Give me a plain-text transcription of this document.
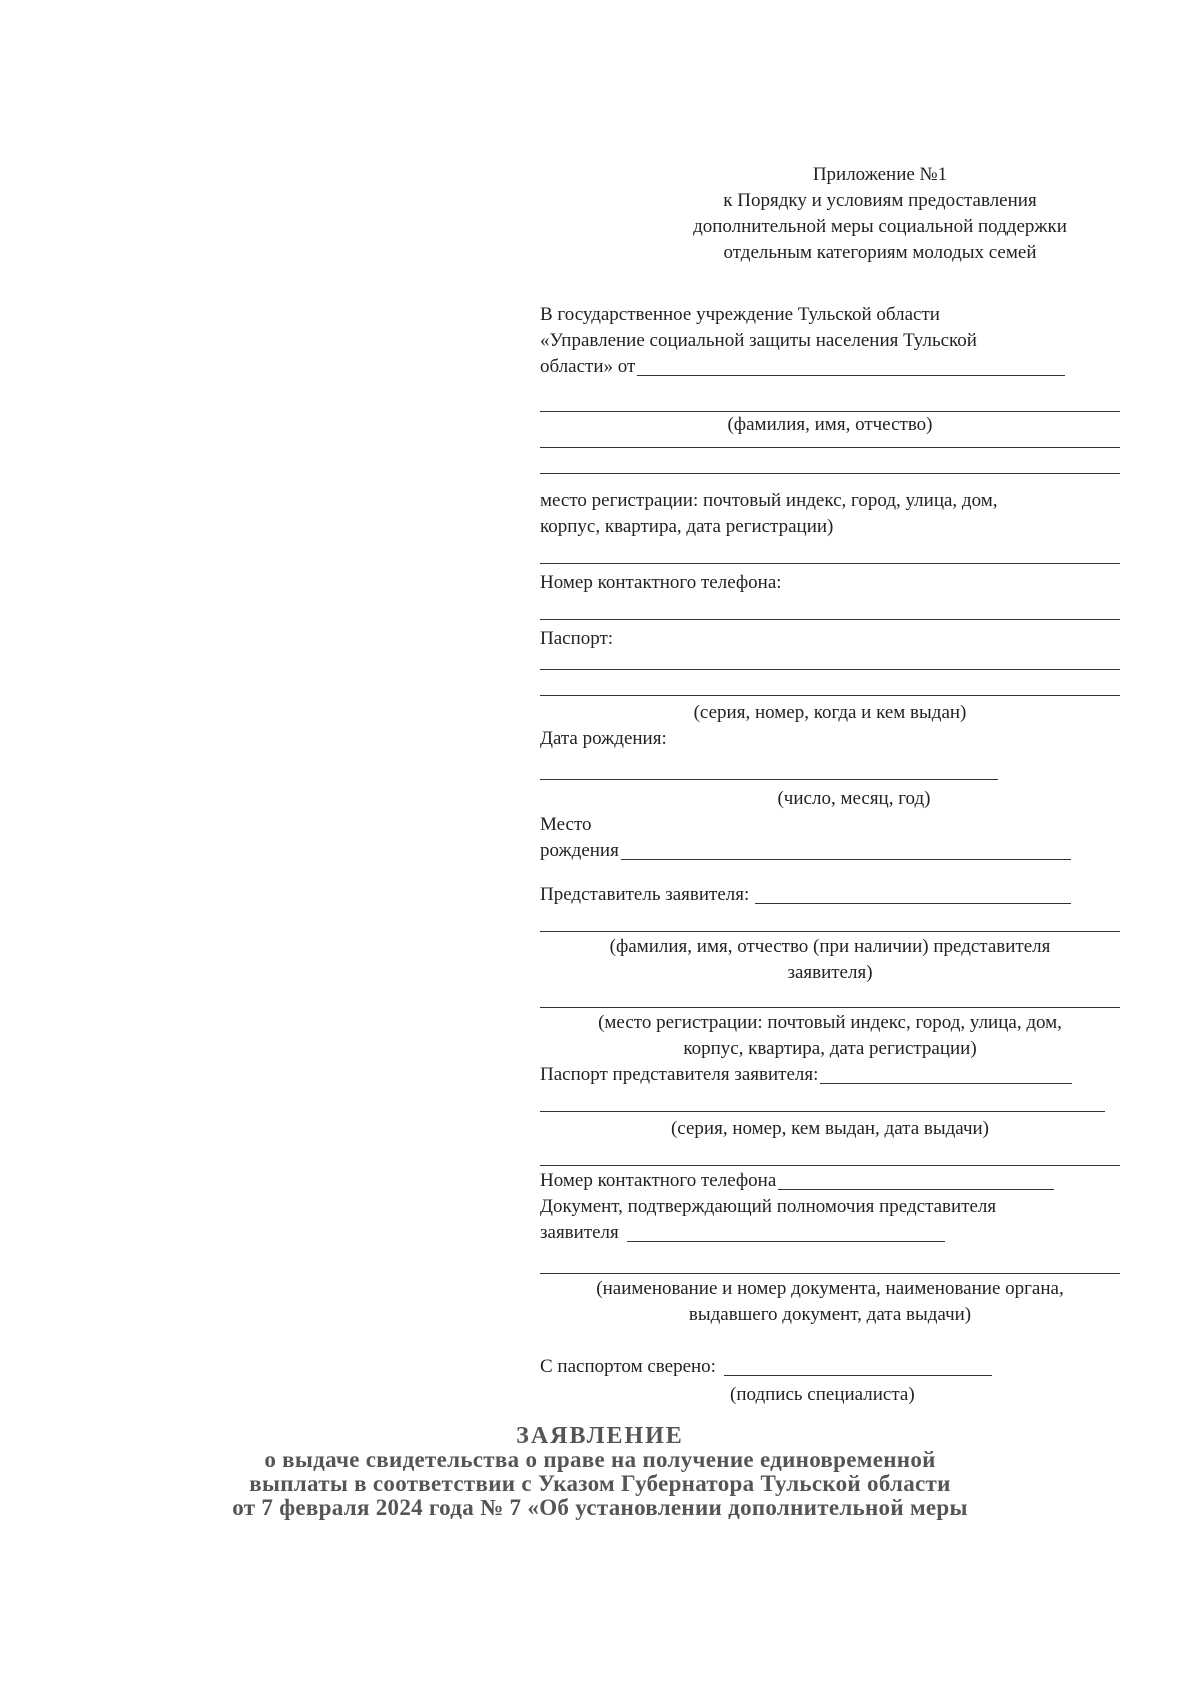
Приложение №1
к Порядку и условиям предоставления
дополнительной меры социальной поддержки
отдельным категориям молодых семей
В государственное учреждение Тульской области
«Управление социальной защиты населения Тульской
области» от
(фамилия, имя, отчество)
место регистрации: почтовый индекс, город, улица, дом,
корпус, квартира, дата регистрации)
Номер контактного телефона:
Паспорт:
(серия, номер, когда и кем выдан)
Дата рождения:
(число, месяц, год)
Место
рождения
Представитель заявителя:
(фамилия, имя, отчество (при наличии) представителя
заявителя)
(место регистрации: почтовый индекс, город, улица, дом,
корпус, квартира, дата регистрации)
Паспорт представителя заявителя:
(серия, номер, кем выдан, дата выдачи)
Номер контактного телефона
Документ, подтверждающий полномочия представителя
заявителя
(наименование и номер документа, наименование органа,
выдавшего документ, дата выдачи)
С паспортом сверено:
(подпись специалиста)
ЗАЯВЛЕНИЕ
о выдаче свидетельства о праве на получение единовременной
выплаты в соответствии с Указом Губернатора Тульской области
от 7 февраля 2024 года № 7 «Об установлении дополнительной меры
